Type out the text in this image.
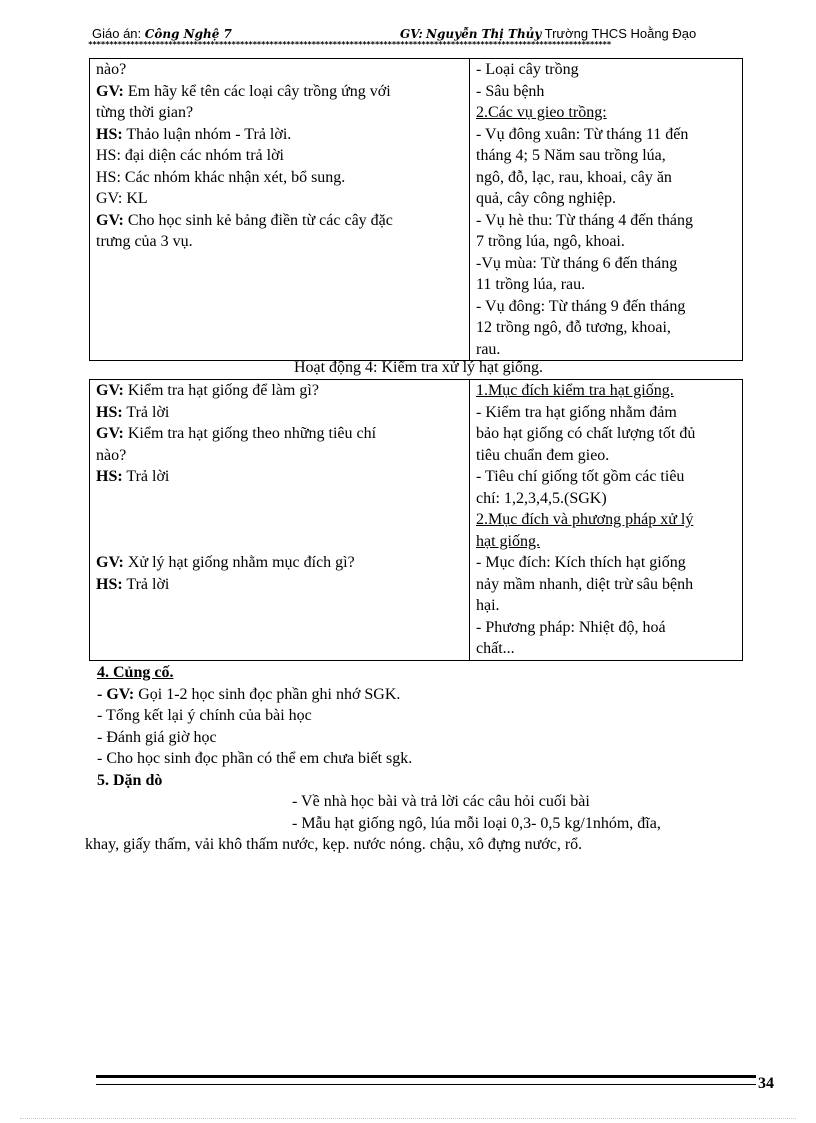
Giáo án: Công Nghệ 7	GV: Nguyễn Thị Thủy Trường THCS Hoằng Đạo
****************************************************************************************************************************
nào?
GV: Em hãy kể tên các loại cây trồng ứng với
từng thời gian?
HS: Thảo luận nhóm - Trả lời.
HS: đại diện các nhóm trả lời
HS: Các nhóm khác nhận xét, bổ sung.
GV: KL
GV: Cho học sinh kẻ bảng điền từ các cây đặc
trưng của 3 vụ.

- Loại cây trồng
- Sâu bệnh
2.Các vụ gieo trồng:
- Vụ đông xuân: Từ tháng 11 đến
tháng 4; 5 Năm sau trồng lúa,
ngô, đỗ, lạc, rau, khoai, cây ăn
quả, cây công nghiệp.
- Vụ hè thu: Từ tháng 4 đến tháng
7 trồng lúa, ngô, khoai.
-Vụ mùa: Từ tháng 6 đến tháng
11 trồng lúa, rau.
- Vụ đông: Từ tháng 9 đến tháng
12 trồng ngô, đỗ tương, khoai,
rau.
Hoạt động 4: Kiểm tra xử lý hạt giống.
GV: Kiểm tra hạt giống để làm gì?
HS: Trả lời
GV: Kiểm tra hạt giống theo những tiêu chí
nào?
HS: Trả lời
GV: Xử lý hạt giống nhằm mục đích gì?
HS: Trả lời

1.Mục đích kiểm tra hạt giống.
- Kiểm tra hạt giống nhằm đảm
bảo hạt giống có chất lượng tốt đủ
tiêu chuẩn đem gieo.
- Tiêu chí giống tốt gồm các tiêu
chí: 1,2,3,4,5.(SGK)
2.Mục đích và phương pháp xử lý
hạt giống.
- Mục đích: Kích thích hạt giống
nảy mầm nhanh, diệt trừ sâu bệnh
hại.
- Phương pháp: Nhiệt độ, hoá
chất...
4. Củng cố.
- GV: Gọi 1-2 học sinh đọc phần ghi nhớ SGK.
- Tổng kết lại ý chính của bài học
- Đánh giá giờ học
- Cho học sinh đọc phần có thể em chưa biết sgk.
5. Dặn dò
- Về nhà học bài và trả lời các câu hỏi cuối bài
- Mẫu hạt giống ngô, lúa mỗi loại 0,3- 0,5 kg/1nhóm, đĩa,
khay, giấy thấm, vải khô thấm nước, kẹp. nước nóng. chậu, xô đựng nước, rổ.
34
